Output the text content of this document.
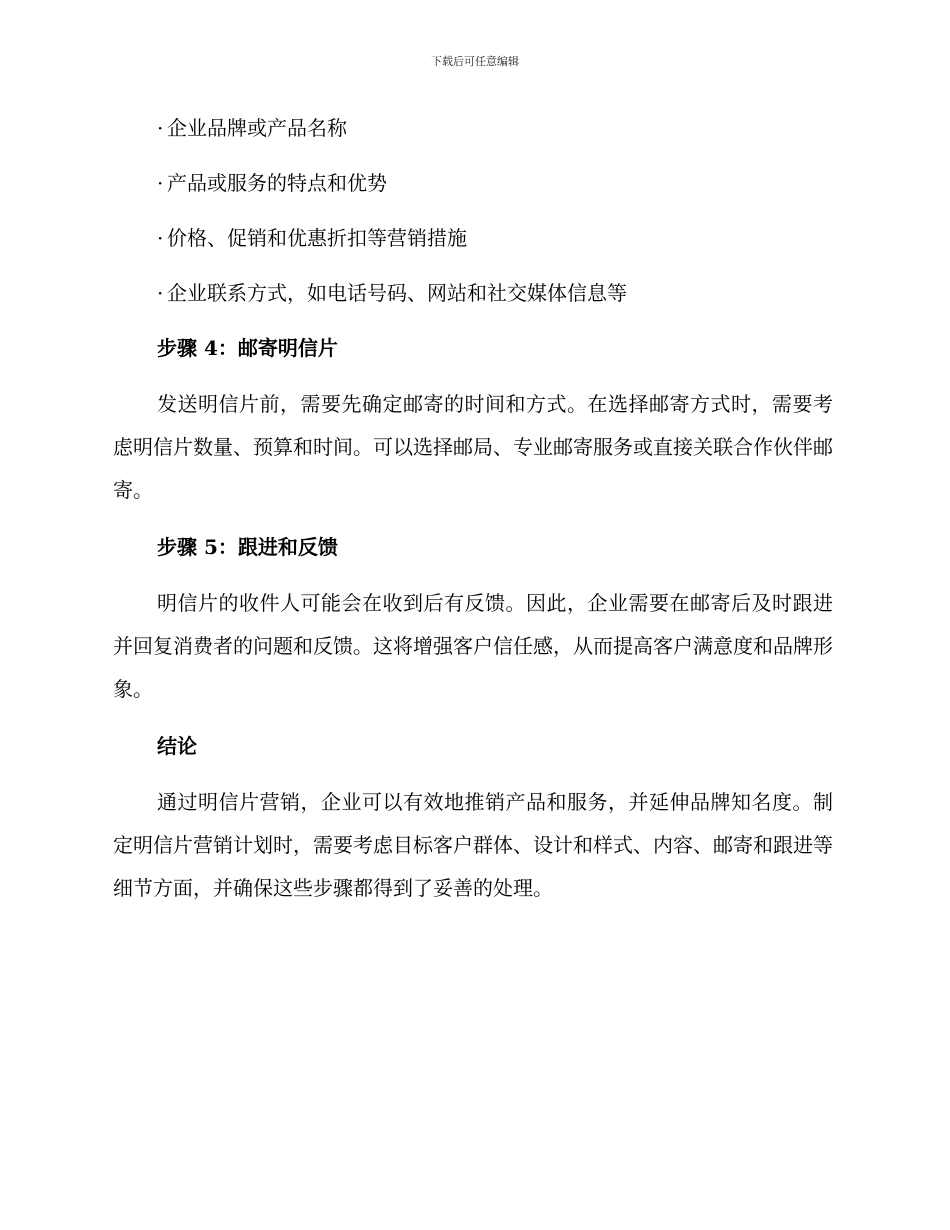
下载后可任意编辑
· 企业品牌或产品名称
· 产品或服务的特点和优势
· 价格、促销和优惠折扣等营销措施
· 企业联系方式，如电话号码、网站和社交媒体信息等
步骤 4：邮寄明信片

发送明信片前，需要先确定邮寄的时间和方式。在选择邮寄方式时，需要考虑明信片数量、预算和时间。可以选择邮局、专业邮寄服务或直接关联合作伙伴邮寄。

步骤 5：跟进和反馈

明信片的收件人可能会在收到后有反馈。因此，企业需要在邮寄后及时跟进并回复消费者的问题和反馈。这将增强客户信任感，从而提高客户满意度和品牌形象。

结论

通过明信片营销，企业可以有效地推销产品和服务，并延伸品牌知名度。制定明信片营销计划时，需要考虑目标客户群体、设计和样式、内容、邮寄和跟进等细节方面，并确保这些步骤都得到了妥善的处理。
